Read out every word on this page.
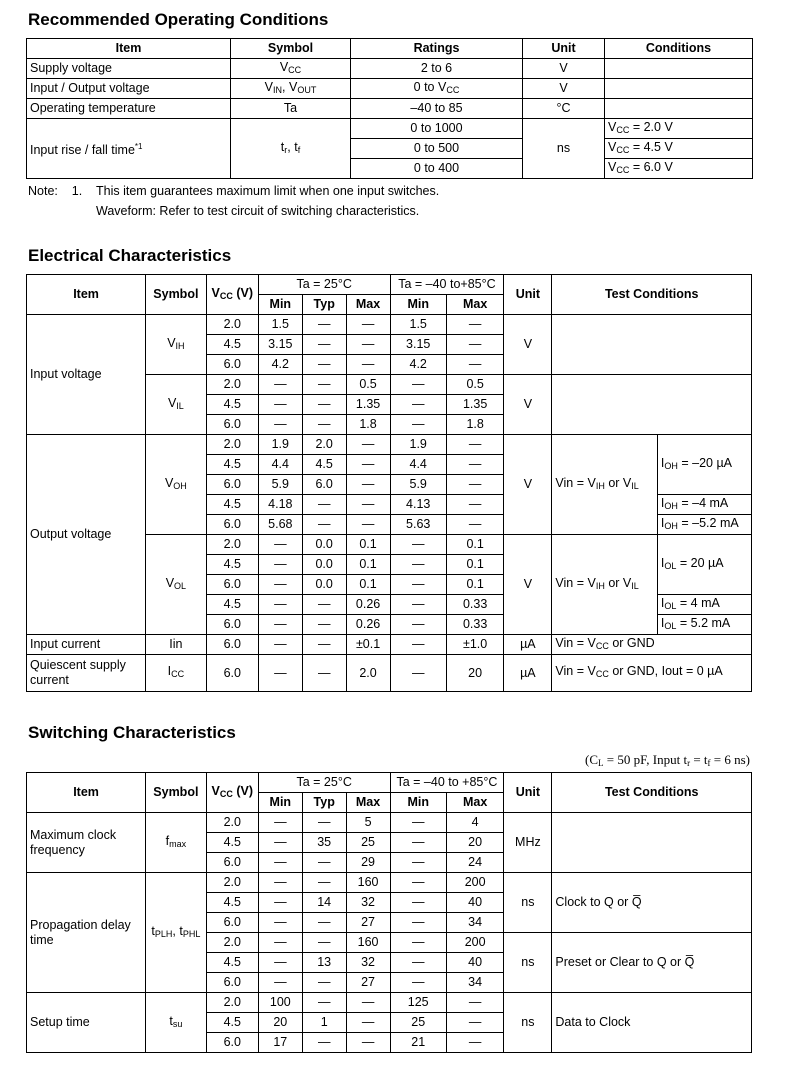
Recommended Operating Conditions
Item	Symbol	Ratings	Unit	Conditions
Supply voltage	$V_{CC}$	2 to 6	V	
Input / Output voltage	$V_{IN}$, $V_{OUT}$	0 to $V_{CC}$	V	
Operating temperature	Ta	–40 to 85	°C	
Input rise / fall time$^{*1}$	$t_r$, $t_f$	0 to 1000	ns	$V_{CC} = 2.0$ V
		0 to 500		$V_{CC} = 4.5$ V
		0 to 400		$V_{CC} = 6.0$ V
Note: 1. This item guarantees maximum limit when one input switches.
Waveform: Refer to test circuit of switching characteristics.
Electrical Characteristics
Item	Symbol	$V_{CC}$ (V)	Ta = 25°C			Ta = –40 to+85°C		Unit	Test Conditions	
			Min	Typ	Max	Min	Max			
Input voltage	$V_{IH}$	2.0	1.5	—	—	1.5	—	V		
		4.5	3.15	—	—	3.15	—			
		6.0	4.2	—	—	4.2	—			
	$V_{IL}$	2.0	—	—	0.5	—	0.5	V		
		4.5	—	—	1.35	—	1.35			
		6.0	—	—	1.8	—	1.8			
Output voltage	$V_{OH}$	2.0	1.9	2.0	—	1.9	—	V	Vin = $V_{IH}$ or $V_{IL}$	$I_{OH} = -20$ µA
		4.5	4.4	4.5	—	4.4	—			
		6.0	5.9	6.0	—	5.9	—			
		4.5	4.18	—	—	4.13	—			$I_{OH} = -4$ mA
		6.0	5.68	—	—	5.63	—			$I_{OH} = -5.2$ mA
	$V_{OL}$	2.0	—	0.0	0.1	—	0.1	V	Vin = $V_{IH}$ or $V_{IL}$	$I_{OL} = 20$ µA
		4.5	—	0.0	0.1	—	0.1			
		6.0	—	0.0	0.1	—	0.1			
		4.5	—	—	0.26	—	0.33			$I_{OL} = 4$ mA
		6.0	—	—	0.26	—	0.33			$I_{OL} = 5.2$ mA
Input current	Iin	6.0	—	—	±0.1	—	±1.0	µA	Vin = $V_{CC}$ or GND	
Quiescent supply current	$I_{CC}$	6.0	—	—	2.0	—	20	µA	Vin = $V_{CC}$ or GND, Iout = 0 µA	
Switching Characteristics
($C_L = 50$ pF, Input $t_r = t_f = 6$ ns)
Item	Symbol	$V_{CC}$ (V)	Ta = 25°C			Ta = –40 to +85°C		Unit	Test Conditions
			Min	Typ	Max	Min	Max		
Maximum clock frequency	$f_{max}$	2.0	—	—	5	—	4	MHz	
		4.5	—	35	25	—	20		
		6.0	—	—	29	—	24		
Propagation delay time	$t_{PLH}$, $t_{PHL}$	2.0	—	—	160	—	200	ns	Clock to Q or Q̅
		4.5	—	14	32	—	40		
		6.0	—	—	27	—	34		
		2.0	—	—	160	—	200	ns	Preset or Clear to Q or Q̅
		4.5	—	13	32	—	40		
		6.0	—	—	27	—	34		
Setup time	$t_{su}$	2.0	100	—	—	125	—	ns	Data to Clock
		4.5	20	1	—	25	—		
		6.0	17	—	—	21	—		
